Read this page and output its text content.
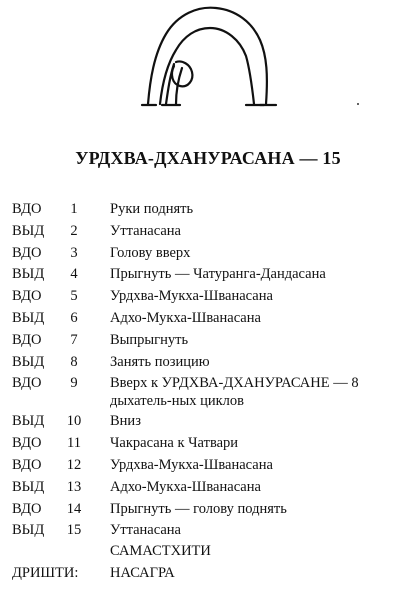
УРДХВА-ДХАНУРАСАНА — 15
ВДО	1	Руки поднять
ВЫД	2	Уттанасана
ВДО	3	Голову вверх
ВЫД	4	Прыгнуть — Чатуранга-Дандасана
ВДО	5	Урдхва-Мукха-Шванасана
ВЫД	6	Адхо-Мукха-Шванасана
ВДО	7	Выпрыгнуть
ВЫД	8	Занять позицию
ВДО	9	Вверх к УРДХВА-ДХАНУРАСАНЕ — 8 дыхатель-ных циклов
ВЫД 10 Вниз
ВДО 11 Чакрасана к Чатвари
ВДО 12 Урдхва-Мукха-Шванасана
ВЫД 13 Адхо-Мукха-Шванасана
ВДО 14 Прыгнуть — голову поднять
ВЫД 15 Уттанасана
САМАСТХИТИ
ДРИШТИ: НАСАГРА
